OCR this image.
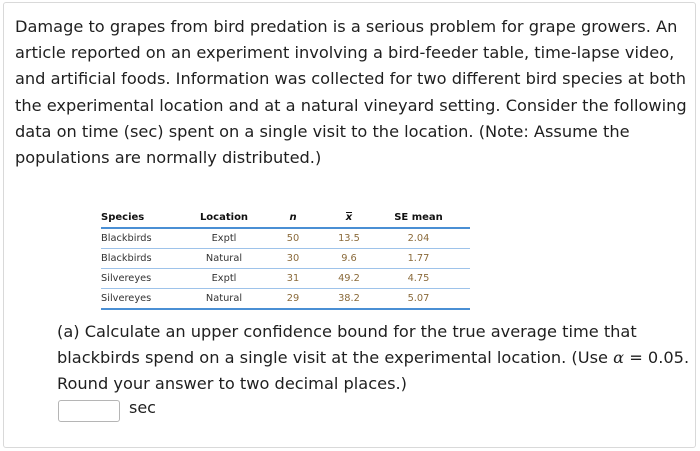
Damage to grapes from bird predation is a serious problem for grape growers. An article reported on an experiment involving a bird-feeder table, time-lapse video, and artificial foods. Information was collected for two different bird species at both the experimental location and at a natural vineyard setting. Consider the following data on time (sec) spent on a single visit to the location. (Note: Assume the populations are normally distributed.)

Species	Location	n	x	SE mean
Blackbirds	Exptl	50	13.5	2.04
Blackbirds	Natural	30	9.6	1.77
Silvereyes	Exptl	31	49.2	4.75
Silvereyes	Natural	29	38.2	5.07

(a) Calculate an upper confidence bound for the true average time that blackbirds spend on a single visit at the experimental location. (Use α = 0.05. Round your answer to two decimal places.)

sec
